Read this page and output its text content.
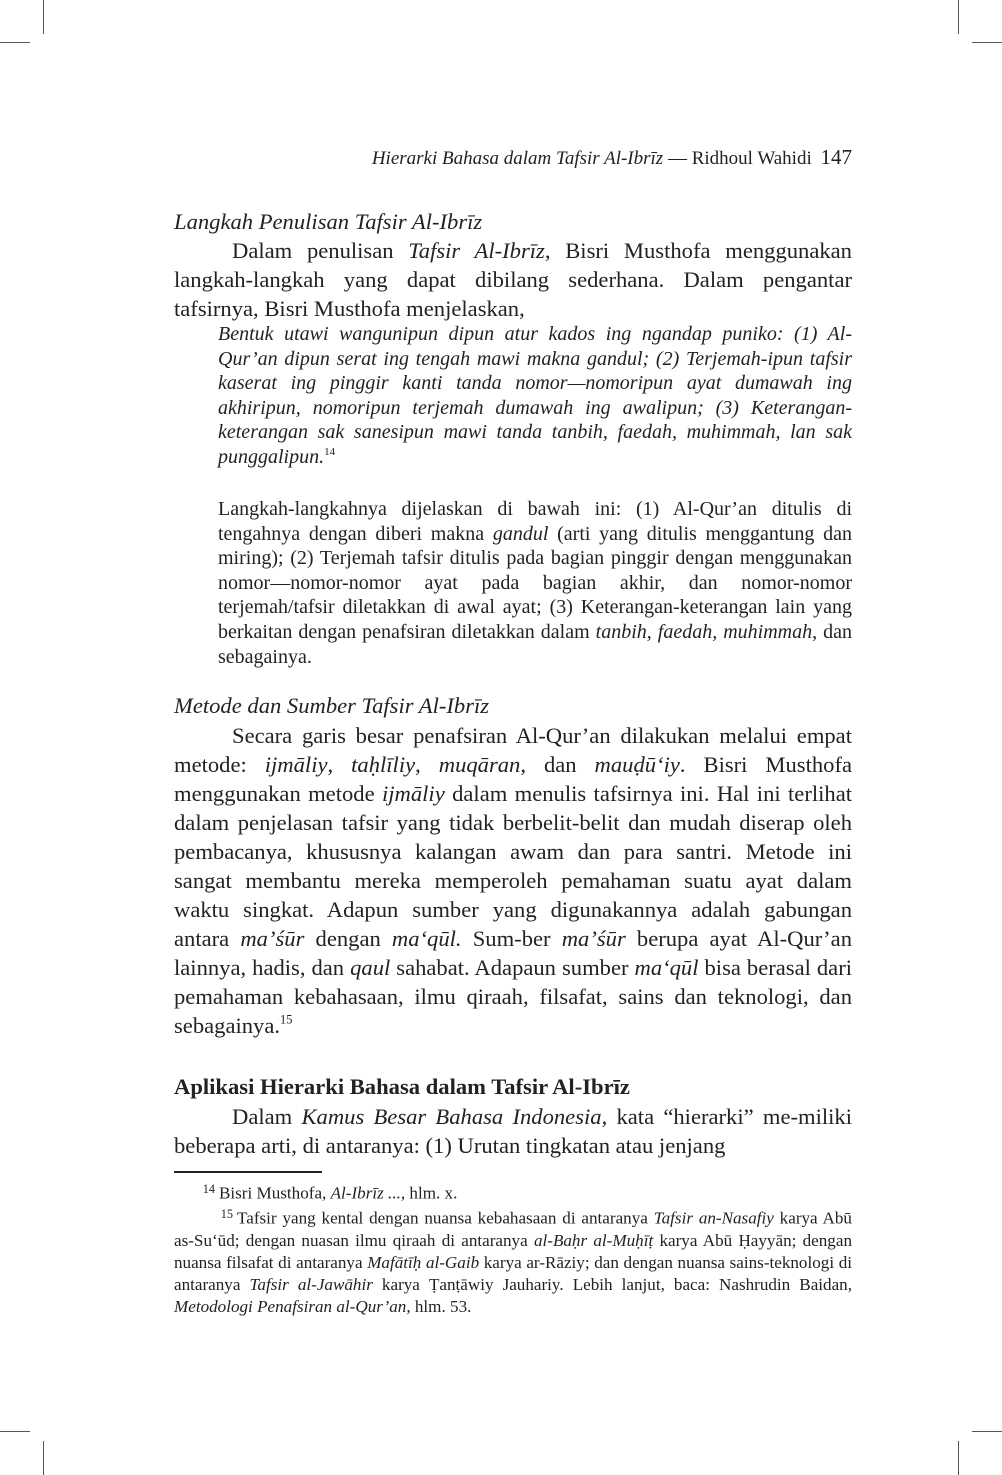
Hierarki Bahasa dalam Tafsir Al-Ibrīz — Ridhoul Wahidi 147
Langkah Penulisan Tafsir Al-Ibrīz
Dalam penulisan Tafsir Al-Ibrīz, Bisri Musthofa menggunakan langkah-langkah yang dapat dibilang sederhana. Dalam pengantar tafsirnya, Bisri Musthofa menjelaskan,
Bentuk utawi wangunipun dipun atur kados ing ngandap puniko: (1) Al-Qur’an dipun serat ing tengah mawi makna gandul; (2) Terjemah-ipun tafsir kaserat ing pinggir kanti tanda nomor—nomoripun ayat dumawah ing akhiripun, nomoripun terjemah dumawah ing awalipun; (3) Keterangan-keterangan sak sanesipun mawi tanda tanbih, faedah, muhimmah, lan sak punggalipun.$^{14}$
Langkah-langkahnya dijelaskan di bawah ini: (1) Al-Qur’an ditulis di tengahnya dengan diberi makna gandul (arti yang ditulis menggantung dan miring); (2) Terjemah tafsir ditulis pada bagian pinggir dengan menggunakan nomor—nomor-nomor ayat pada bagian akhir, dan nomor-nomor terjemah/tafsir diletakkan di awal ayat; (3) Keterangan-keterangan lain yang berkaitan dengan penafsiran diletakkan dalam tanbih, faedah, muhimmah, dan sebagainya.
Metode dan Sumber Tafsir Al-Ibrīz
Secara garis besar penafsiran Al-Qur’an dilakukan melalui empat metode: ijmāliy, taḥlīliy, muqāran, dan mauḍū‘iy. Bisri Musthofa menggunakan metode ijmāliy dalam menulis tafsirnya ini. Hal ini terlihat dalam penjelasan tafsir yang tidak berbelit-belit dan mudah diserap oleh pembacanya, khususnya kalangan awam dan para santri. Metode ini sangat membantu mereka memperoleh pemahaman suatu ayat dalam waktu singkat. Adapun sumber yang digunakannya adalah gabungan antara ma’śūr dengan ma‘qūl. Sum-ber ma’śūr berupa ayat Al-Qur’an lainnya, hadis, dan qaul sahabat. Adapaun sumber ma‘qūl bisa berasal dari pemahaman kebahasaan, ilmu qiraah, filsafat, sains dan teknologi, dan sebagainya.$^{15}$
Aplikasi Hierarki Bahasa dalam Tafsir Al-Ibrīz
Dalam Kamus Besar Bahasa Indonesia, kata “hierarki” me-miliki beberapa arti, di antaranya: (1) Urutan tingkatan atau jenjang
14 Bisri Musthofa, Al-Ibrīz ..., hlm. x.
15 Tafsir yang kental dengan nuansa kebahasaan di antaranya Tafsir an-Nasafiy karya Abū as-Su‘ūd; dengan nuasan ilmu qiraah di antaranya al-Baḥr al-Muḥīṭ karya Abū Ḥayyān; dengan nuansa filsafat di antaranya Mafātīḥ al-Gaib karya ar-Rāziy; dan dengan nuansa sains-teknologi di antaranya Tafsir al-Jawāhir karya Ṭanṭāwiy Jauhariy. Lebih lanjut, baca: Nashrudin Baidan, Metodologi Penafsiran al-Qur’an, hlm. 53.
